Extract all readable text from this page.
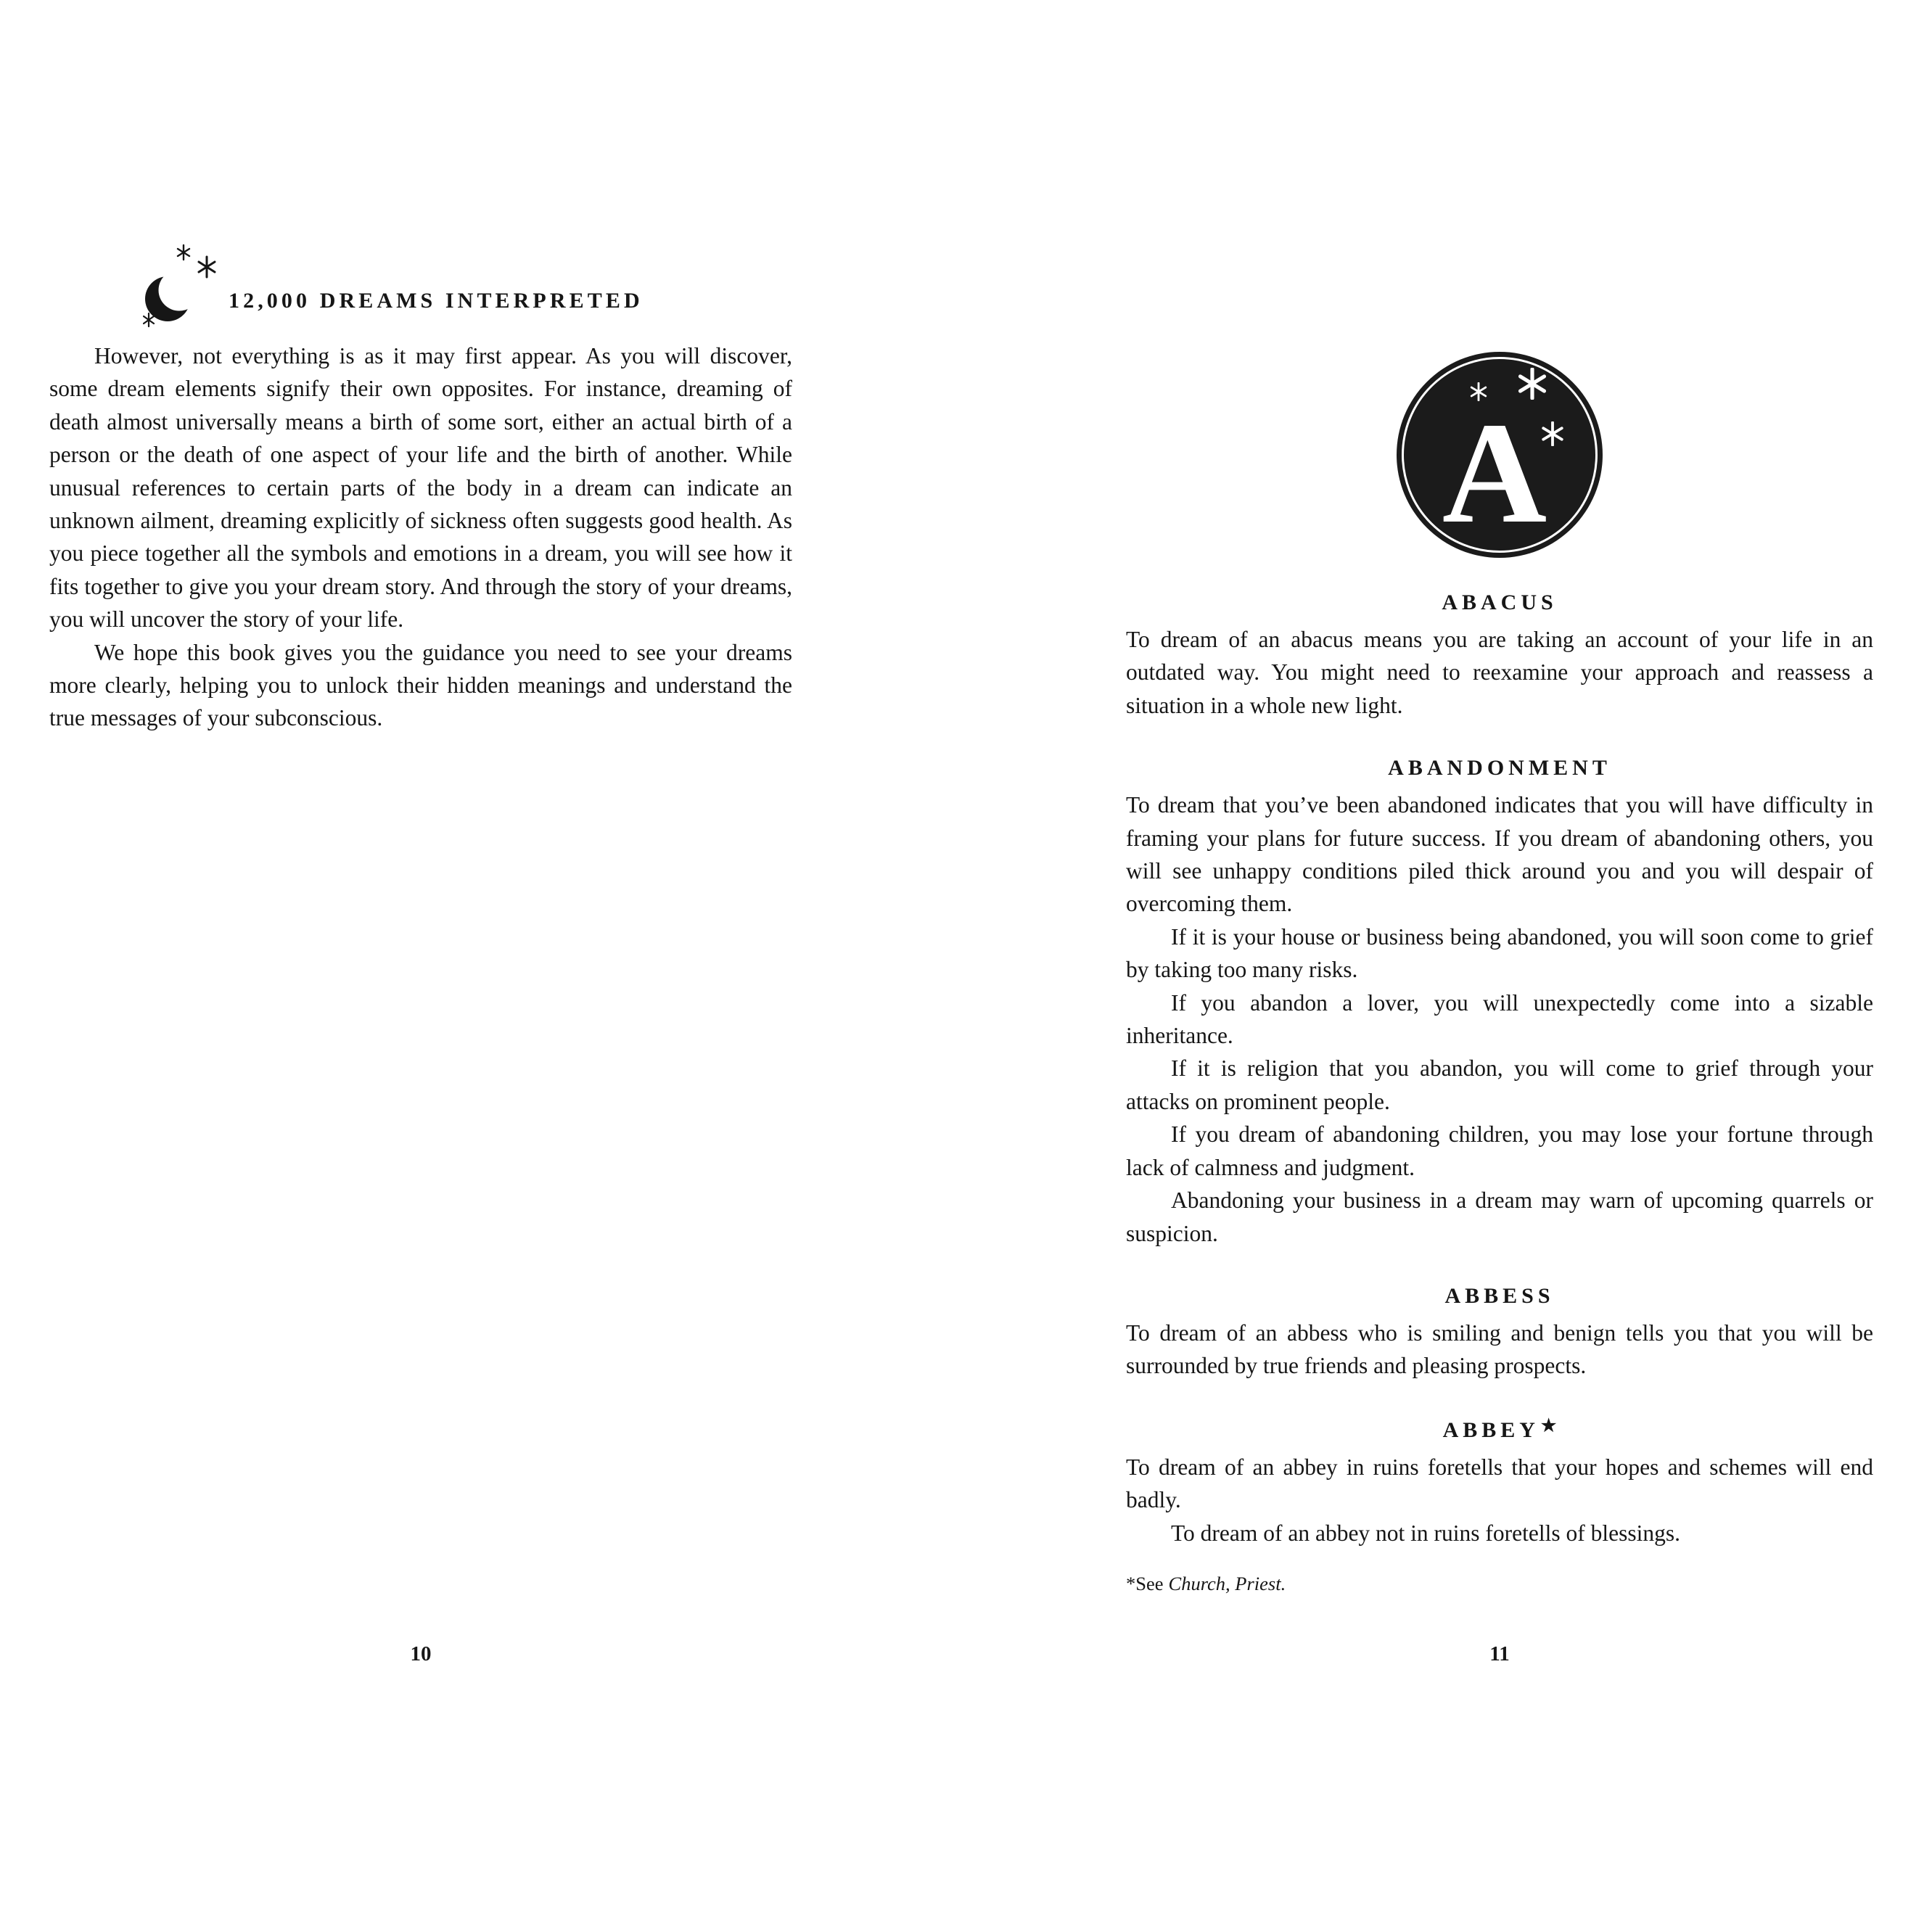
12,000 DREAMS INTERPRETED

However, not everything is as it may first appear. As you will discover, some dream elements signify their own opposites. For instance, dreaming of death almost universally means a birth of some sort, either an actual birth of a person or the death of one aspect of your life and the birth of another. While unusual references to certain parts of the body in a dream can indicate an unknown ailment, dreaming explicitly of sickness often suggests good health. As you piece together all the symbols and emotions in a dream, you will see how it fits together to give you your dream story. And through the story of your dreams, you will uncover the story of your life.

We hope this book gives you the guidance you need to see your dreams more clearly, helping you to unlock their hidden meanings and understand the true messages of your subconscious.

10
A
ABACUS

To dream of an abacus means you are taking an account of your life in an outdated way. You might need to reexamine your approach and reassess a situation in a whole new light.

ABANDONMENT

To dream that you’ve been abandoned indicates that you will have difficulty in framing your plans for future success. If you dream of abandoning others, you will see unhappy conditions piled thick around you and you will despair of overcoming them.

If it is your house or business being abandoned, you will soon come to grief by taking too many risks.

If you abandon a lover, you will unexpectedly come into a sizable inheritance.

If it is religion that you abandon, you will come to grief through your attacks on prominent people.

If you dream of abandoning children, you may lose your fortune through lack of calmness and judgment.

Abandoning your business in a dream may warn of upcoming quarrels or suspicion.

ABBESS

To dream of an abbess who is smiling and benign tells you that you will be surrounded by true friends and pleasing prospects.

ABBEY★

To dream of an abbey in ruins foretells that your hopes and schemes will end badly.

To dream of an abbey not in ruins foretells of blessings.

*See Church, Priest.
11
